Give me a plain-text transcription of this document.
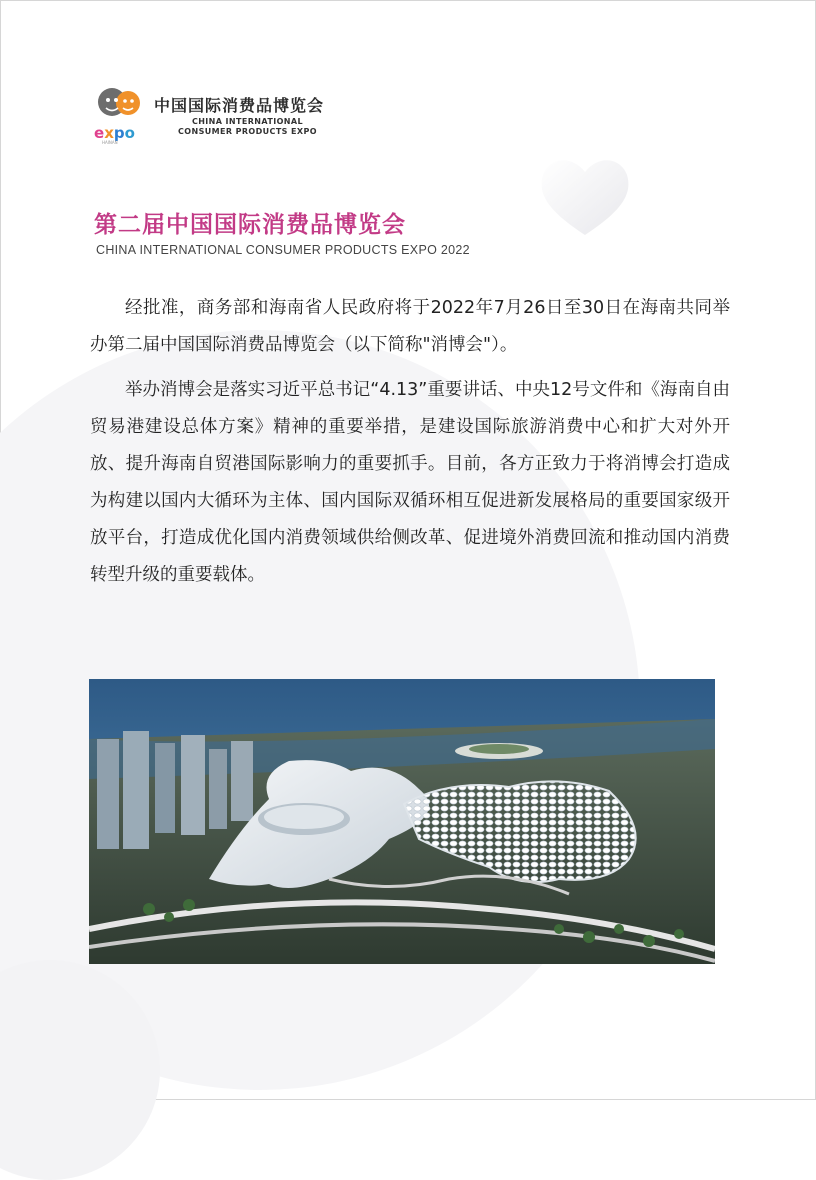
expo
HAINAN
中国国际消费品博览会
CHINA INTERNATIONAL
CONSUMER PRODUCTS EXPO
第二届中国国际消费品博览会
CHINA INTERNATIONAL CONSUMER PRODUCTS EXPO 2022

经批准，商务部和海南省人民政府将于2022年7月26日至30日在海南共同举办第二届中国国际消费品博览会（以下简称"消博会"）。

举办消博会是落实习近平总书记“4.13”重要讲话、中央12号文件和《海南自由贸易港建设总体方案》精神的重要举措，是建设国际旅游消费中心和扩大对外开放、提升海南自贸港国际影响力的重要抓手。目前，各方正致力于将消博会打造成为构建以国内大循环为主体、国内国际双循环相互促进新发展格局的重要国家级开放平台，打造成优化国内消费领域供给侧改革、促进境外消费回流和推动国内消费转型升级的重要载体。
